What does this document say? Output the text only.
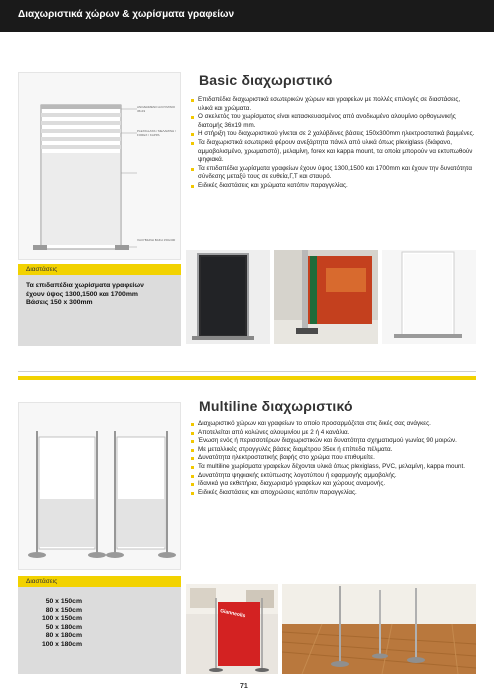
Διαχωριστικά χώρων & χωρίσματα γραφείων
ΑΝΟΔΙΩΜΕΝΟ ΑΛΟΥΜΙΝΙΟ 36x19
PLEXIGLASS / ΜΕΛΑΜΙΝΗ / FOREX / KAPPA
ΧΑΛΥΒΔΙΝΗ ΒΑΣΗ 150x300
Basic διαχωριστικό
Επιδαπέδια διαχωριστικά εσωτερικών χώρων και γραφείων με πολλές επιλογές σε διαστάσεις, υλικά και χρώματα.
Ο σκελετός του χωρίσματος είναι κατασκευασμένος από ανοδιωμένο αλουμίνιο ορθογωνικής διατομής 36x19 mm.
Η στήριξη του διαχωριστικού γίνεται σε 2 χαλύβδινες βάσεις 150x300mm ηλεκτροστατικά βαμμένες.
Τα διαχωριστικά εσωτερικά φέρουν ανεξάρτητα πάνελ από υλικά όπως plexiglass (διάφανο, αμμοβολισμένο, χρωματιστό), μελαμίνη, forex και kappa mount, τα οποία μπορούν να εκτυπωθούν ψηφιακά.
Τα επιδαπέδια χωρίσματα γραφείων έχουν ύψος 1300,1500 και 1700mm και έχουν την δυνατότητα σύνδεσης μεταξύ τους σε ευθεία,Γ,Τ και σταυρό.
Ειδικές διαστάσεις και χρώματα κατόπιν παραγγελίας.
Διαστάσεις
Τα επιδαπέδια χωρίσματα γραφείων
έχουν ύψος 1300,1500 και 1700mm
Βάσεις 150 x 300mm
Multiline διαχωριστικό
Διαχωριστικό χώρων και γραφείων το οποίο προσαρμόζεται στις δικές σας ανάγκες.
Αποτελείται από κολώνες αλουμινίου με 2 ή 4 κανάλια.
Ένωση ενός ή περισσοτέρων διαχωριστικών και δυνατότητα σχηματισμού γωνίας 90 μοιρών.
Με μεταλλικές στρογγυλές βάσεις διαμέτρου 35εκ ή επίπεδα πέλματα.
Δυνατότητα ηλεκτροστατικής βαφής στο χρώμα που επιθυμείτε.
Τα multiline χωρίσματα γραφείων δέχονται υλικά όπως plexiglass, PVC, μελαμίνη, kappa mount.
Δυνατότητα ψηφιακής εκτύπωσης λογοτύπου ή εφαρμογής αμμοβολής.
Ιδανικά για εκθετήρια, διαχωρισμό γραφείων και χώρους αναμονής.
Ειδικές διαστάσεις και αποχρώσεις κατόπιν παραγγελίας.
Διαστάσεις
50 x 150cm
80 x 150cm
100 x 150cm
50 x 180cm
80 x 180cm
100 x 180cm
Gianneolis
71
